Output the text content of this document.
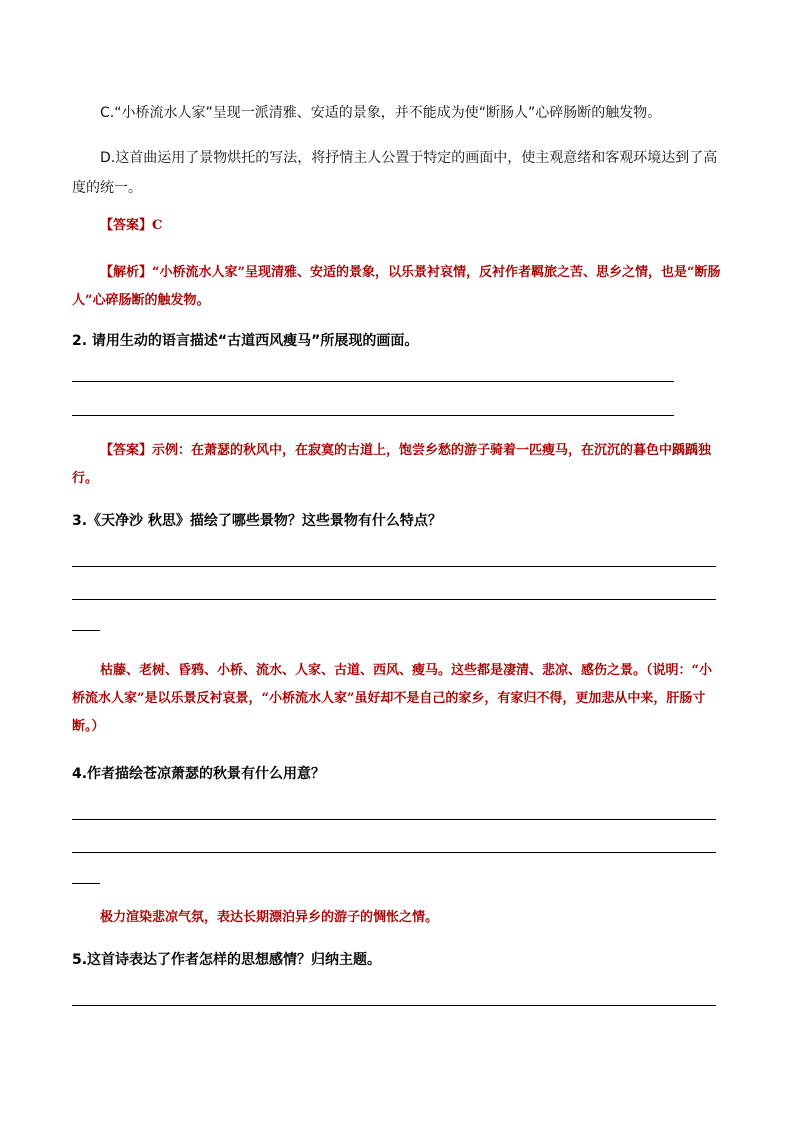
C.“小桥流水人家”呈现一派清雅、安适的景象，并不能成为使“断肠人”心碎肠断的触发物。

D.这首曲运用了景物烘托的写法，将抒情主人公置于特定的画面中，使主观意绪和客观环境达到了高度的统一。

【答案】C

【解析】“小桥流水人家”呈现清雅、安适的景象，以乐景衬哀情，反衬作者羁旅之苦、思乡之情，也是“断肠人”心碎肠断的触发物。

2. 请用生动的语言描述“古道西风瘦马”所展现的画面。

【答案】示例：在萧瑟的秋风中，在寂寞的古道上，饱尝乡愁的游子骑着一匹瘦马，在沉沉的暮色中踽踽独行。

3.《天净沙 秋思》描绘了哪些景物？这些景物有什么特点？

枯藤、老树、昏鸦、小桥、流水、人家、古道、西风、瘦马。这些都是凄清、悲凉、感伤之景。（说明：“小桥流水人家”是以乐景反衬哀景，“小桥流水人家”虽好却不是自己的家乡，有家归不得，更加悲从中来，肝肠寸断。）

4.作者描绘苍凉萧瑟的秋景有什么用意？

极力渲染悲凉气氛，表达长期漂泊异乡的游子的惆怅之情。

5.这首诗表达了作者怎样的思想感情？归纳主题。
